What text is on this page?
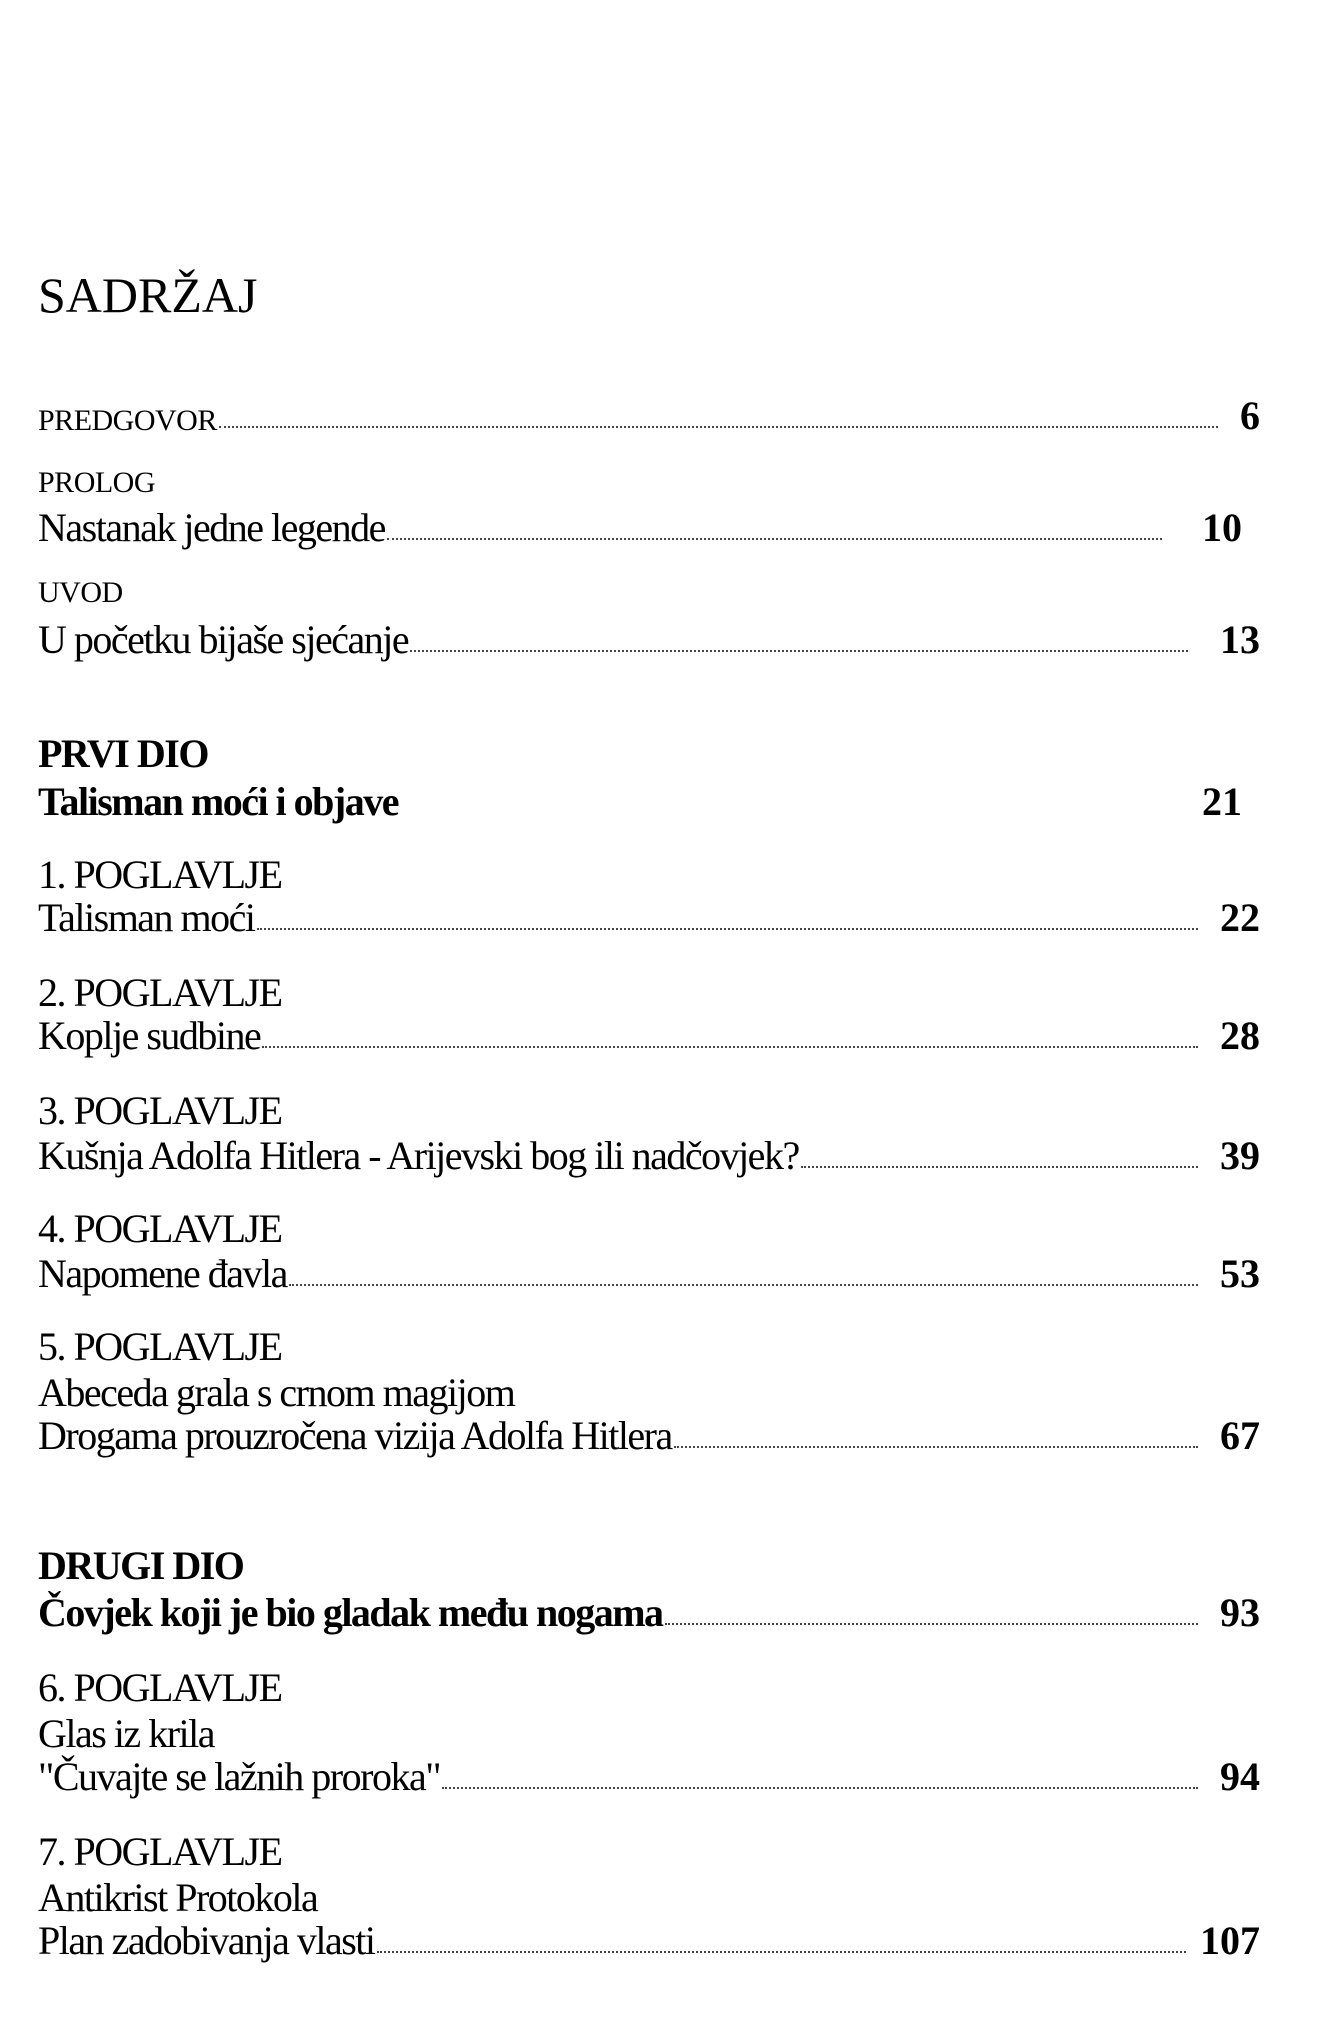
SADRŽAJ
PREDGOVOR	6
PROLOG
Nastanak jedne legende	10
UVOD
U početku bijaše sjećanje	13
PRVI DIO
Talisman moći i objave	21
1. POGLAVLJE
Talisman moći	22
2. POGLAVLJE
Koplje sudbine	28
3. POGLAVLJE
Kušnja Adolfa Hitlera - Arijevski bog ili nadčovjek?	39
4. POGLAVLJE
Napomene đavla	53
5. POGLAVLJE
Abeceda grala s crnom magijom
Drogama prouzročena vizija Adolfa Hitlera	67
DRUGI DIO
Čovjek koji je bio gladak među nogama	93
6. POGLAVLJE
Glas iz krila
"Čuvajte se lažnih proroka"	94
7. POGLAVLJE
Antikrist Protokola
Plan zadobivanja vlasti	107
